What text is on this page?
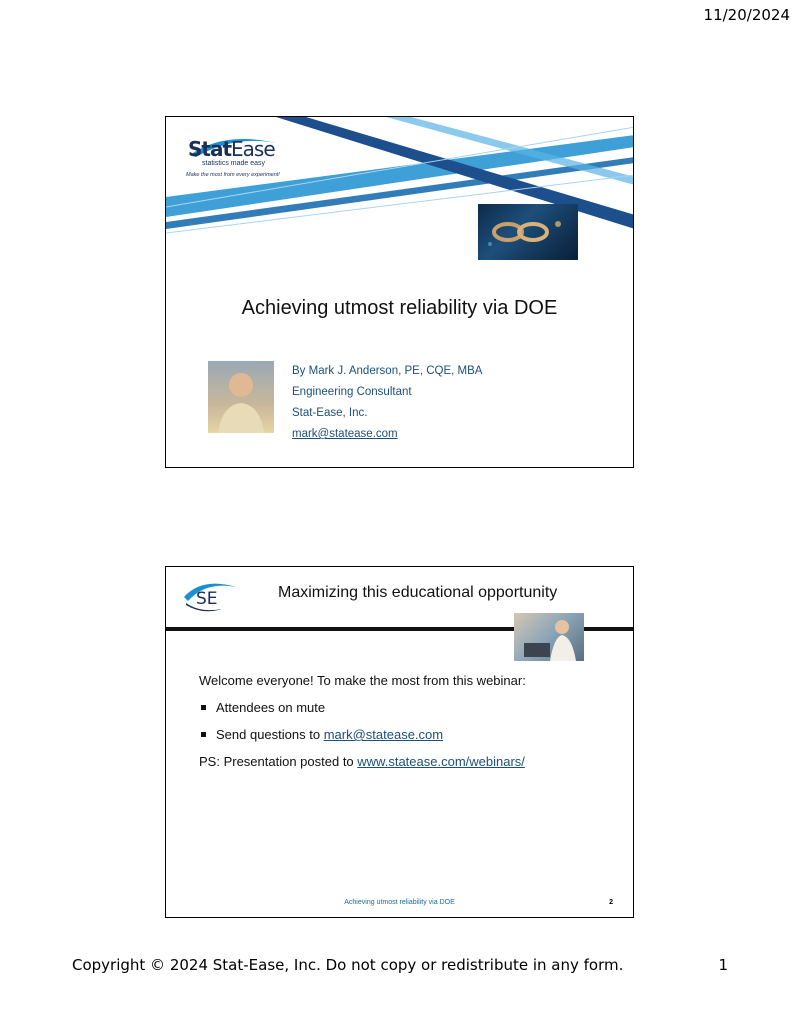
11/20/2024
StatEase
statistics made easy
Make the most from every experiment!
Achieving utmost reliability via DOE
By Mark J. Anderson, PE, CQE, MBA
Engineering Consultant
Stat-Ease, Inc.
mark@statease.com
SE	Maximizing this educational opportunity
Welcome everyone! To make the most from this webinar:
Attendees on mute
Send questions to mark@statease.com
PS: Presentation posted to www.statease.com/webinars/
Achieving utmost reliability via DOE	2
Copyright © 2024 Stat-Ease, Inc. Do not copy or redistribute in any form.	1
